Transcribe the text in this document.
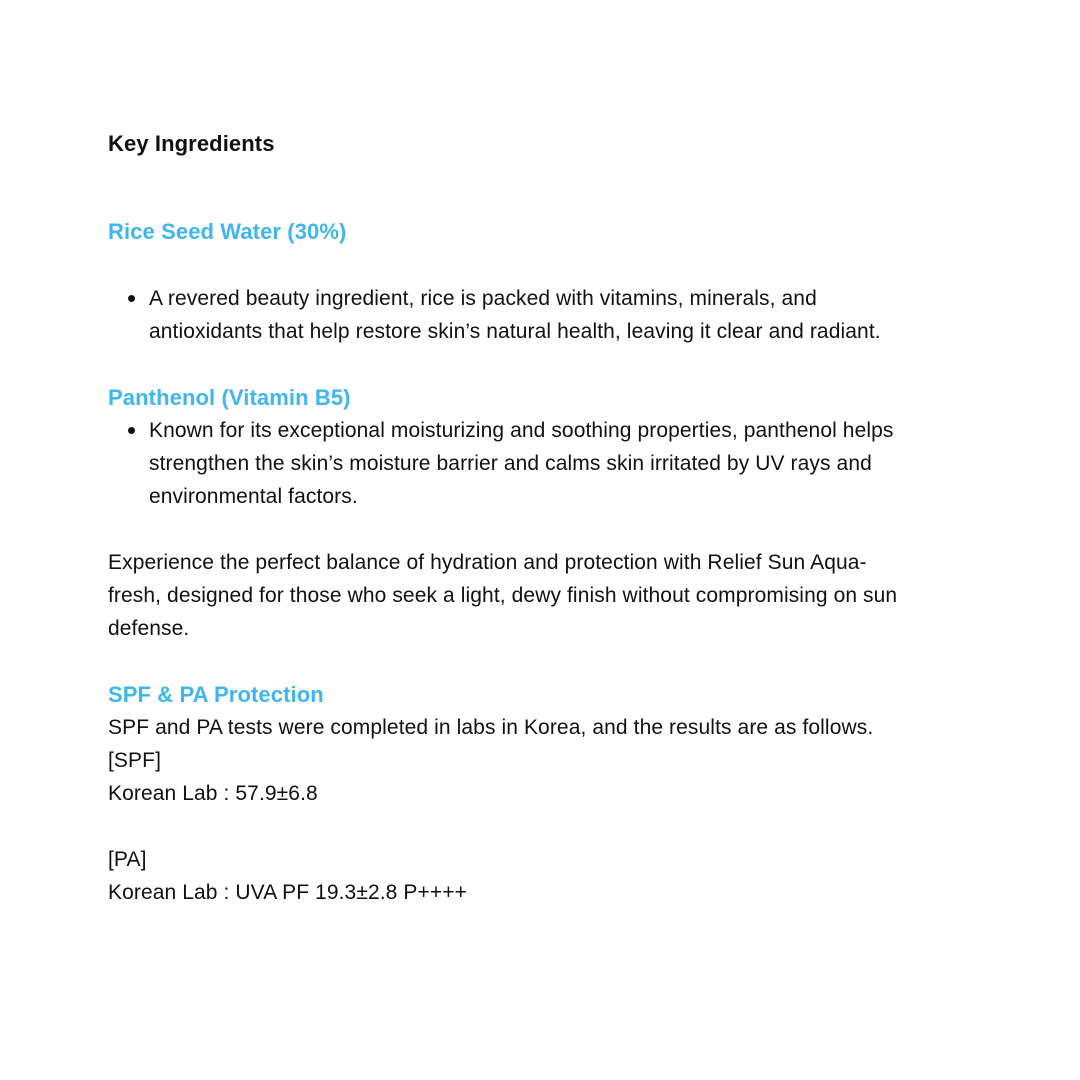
Key Ingredients
Rice Seed Water (30%)
A revered beauty ingredient, rice is packed with vitamins, minerals, and
antioxidants that help restore skin’s natural health, leaving it clear and radiant.
Panthenol (Vitamin B5)
Known for its exceptional moisturizing and soothing properties, panthenol helps
strengthen the skin’s moisture barrier and calms skin irritated by UV rays and
environmental factors.
Experience the perfect balance of hydration and protection with Relief Sun Aqua-
fresh, designed for those who seek a light, dewy finish without compromising on sun
defense.
SPF & PA Protection
SPF and PA tests were completed in labs in Korea, and the results are as follows.
[SPF]
Korean Lab : 57.9±6.8
[PA]
Korean Lab : UVA PF 19.3±2.8 P++++
